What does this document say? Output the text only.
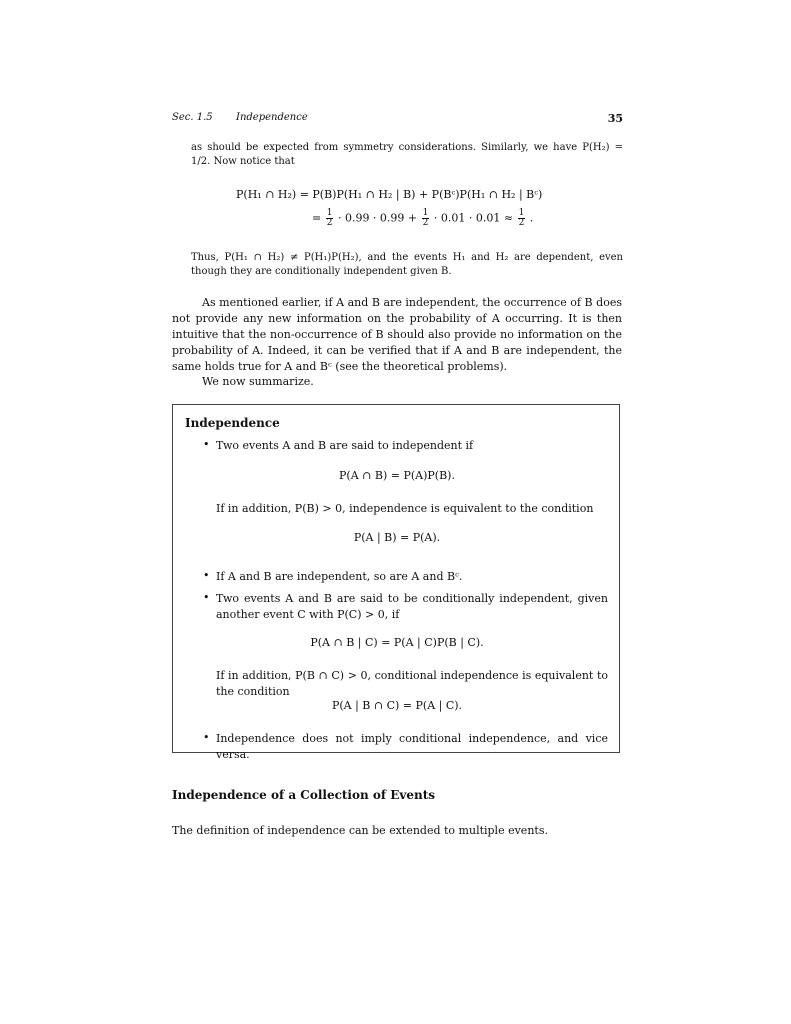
Sec. 1.5 Independence	35
as should be expected from symmetry considerations. Similarly, we have P(H₂) = 1/2. Now notice that
P(H₁ ∩ H₂) = P(B)P(H₁ ∩ H₂ | B) + P(Bᶜ)P(H₁ ∩ H₂ | Bᶜ)
= $\frac{1}{2} \cdot 0.99 \cdot 0.99 + \frac{1}{2} \cdot 0.01 \cdot 0.01 \approx \frac{1}{2}$ .
Thus, P(H₁ ∩ H₂) ≠ P(H₁)P(H₂), and the events H₁ and H₂ are dependent, even though they are conditionally independent given B.
As mentioned earlier, if A and B are independent, the occurrence of B does not provide any new information on the probability of A occurring. It is then intuitive that the non-occurrence of B should also provide no information on the probability of A. Indeed, it can be verified that if A and B are independent, the same holds true for A and Bᶜ (see the theoretical problems).
We now summarize.
Independence
• Two events A and B are said to independent if
P(A ∩ B) = P(A)P(B).
If in addition, P(B) > 0, independence is equivalent to the condition
P(A | B) = P(A).
• If A and B are independent, so are A and Bᶜ.
• Two events A and B are said to be conditionally independent, given another event C with P(C) > 0, if
P(A ∩ B | C) = P(A | C)P(B | C).
If in addition, P(B ∩ C) > 0, conditional independence is equivalent to the condition
P(A | B ∩ C) = P(A | C).
• Independence does not imply conditional independence, and vice versa.
Independence of a Collection of Events
The definition of independence can be extended to multiple events.
